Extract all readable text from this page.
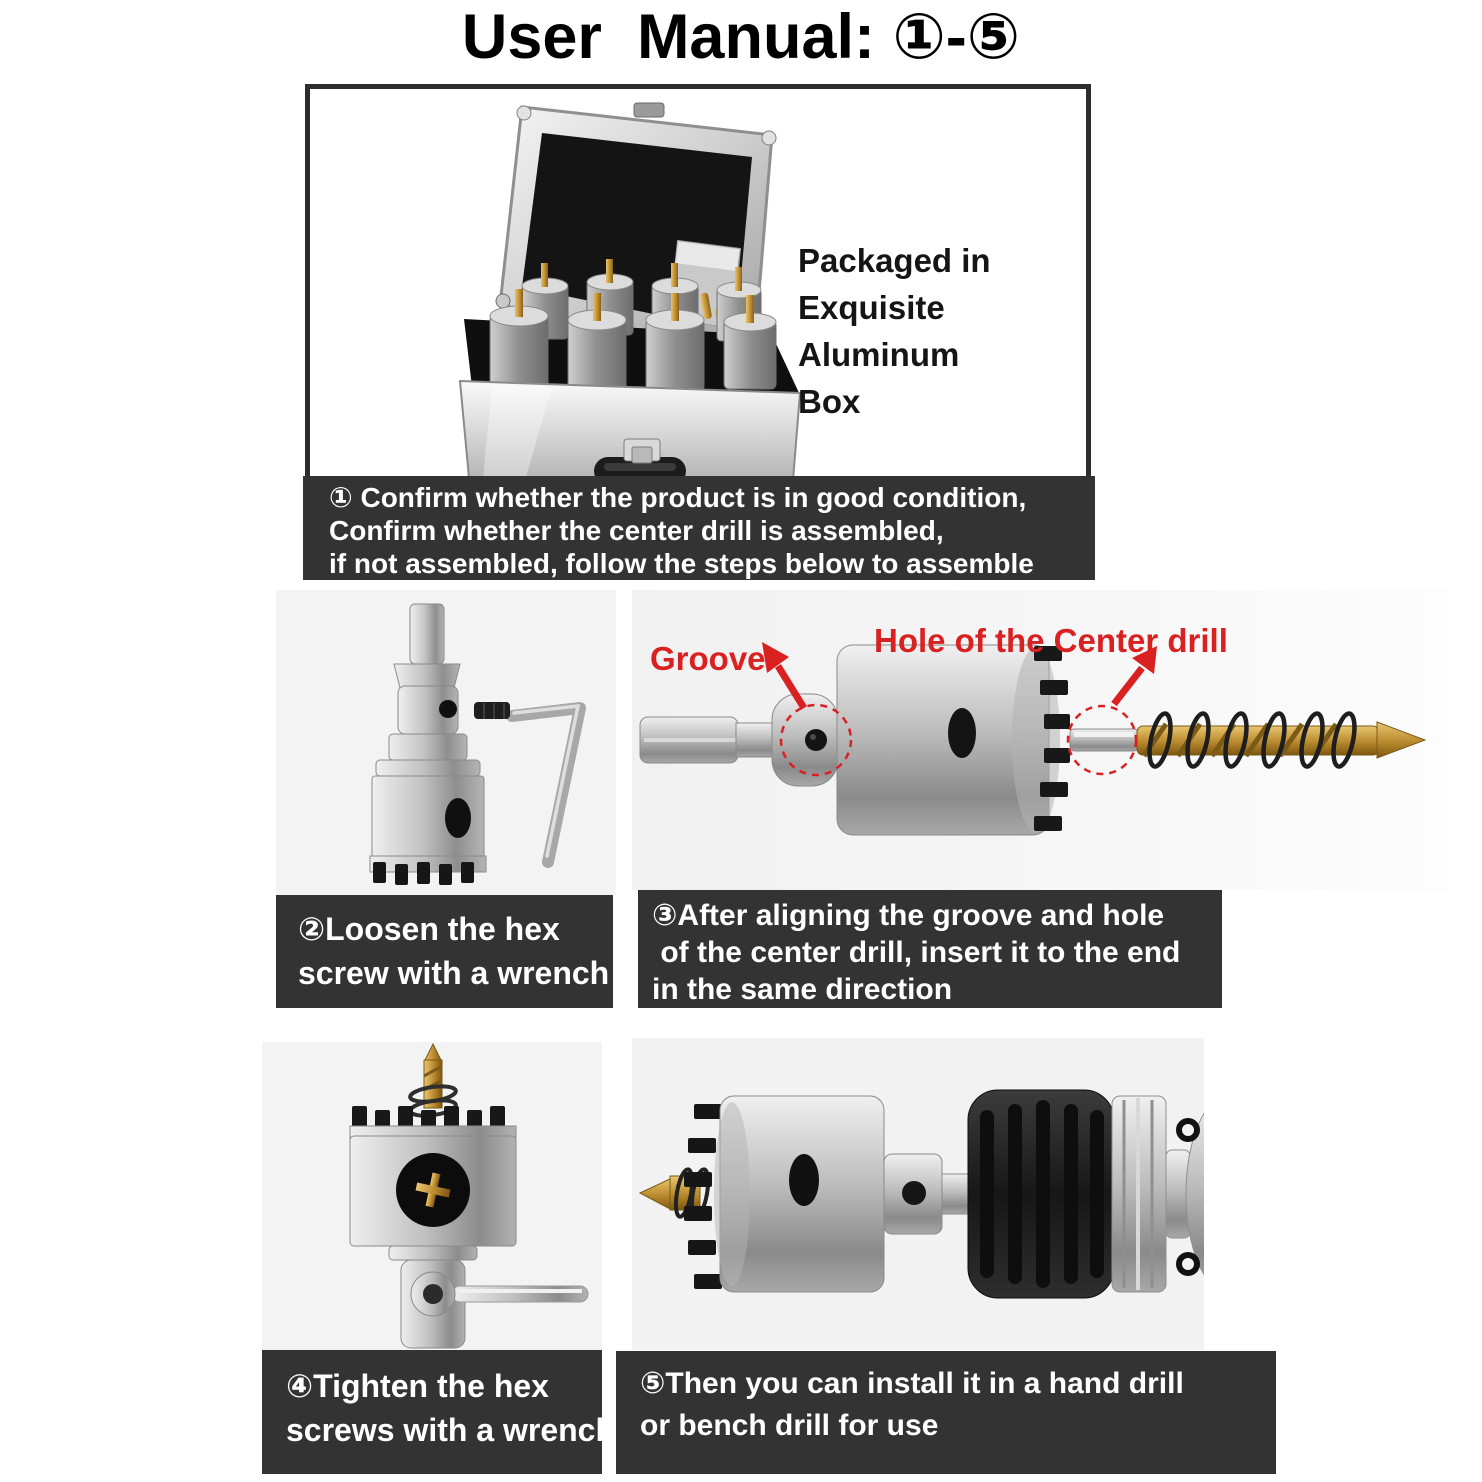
User  Manual: ①-⑤
Packaged in
Exquisite Aluminum
Box
① Confirm whether the product is in good condition,
Confirm whether the center drill is assembled,
if not assembled, follow the steps below to assemble
②Loosen the hex
screw with a wrench
Groove	Hole of the Center drill
③After aligning the groove and hole
of the center drill, insert it to the end
in the same direction
④Tighten the hex
screws with a wrench
⑤Then you can install it in a hand drill
or bench drill for use
